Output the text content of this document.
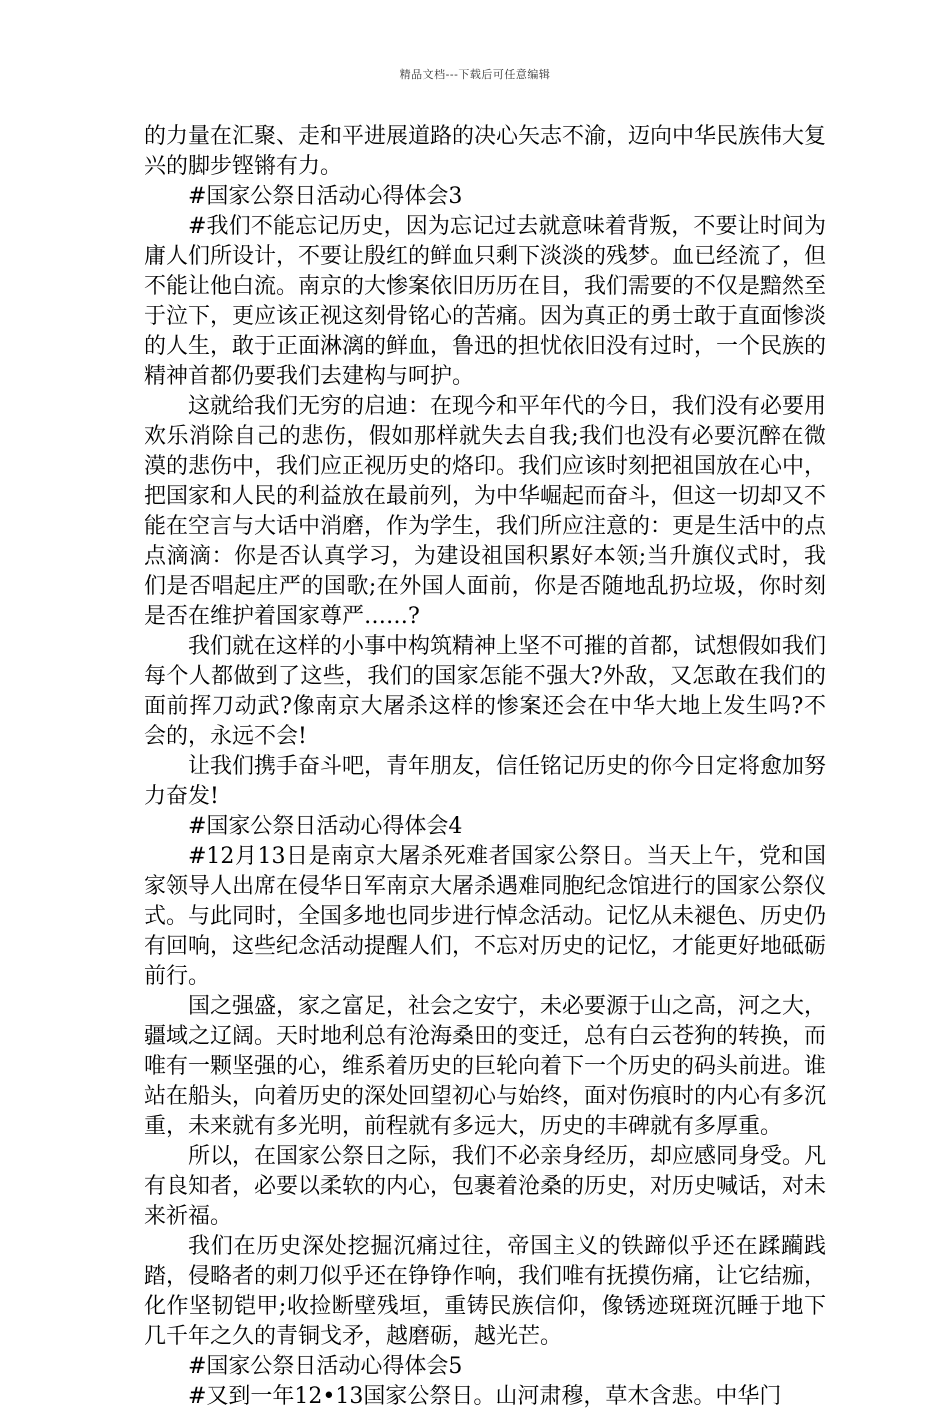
精品文档---下载后可任意编辑

的力量在汇聚、走和平进展道路的决心矢志不渝，迈向中华民族伟大复兴的脚步铿锵有力。

#国家公祭日活动心得体会3

#我们不能忘记历史，因为忘记过去就意味着背叛，不要让时间为庸人们所设计，不要让殷红的鲜血只剩下淡淡的残梦。血已经流了，但不能让他白流。南京的大惨案依旧历历在目，我们需要的不仅是黯然至于泣下，更应该正视这刻骨铭心的苦痛。因为真正的勇士敢于直面惨淡的人生，敢于正面淋漓的鲜血，鲁迅的担忧依旧没有过时，一个民族的精神首都仍要我们去建构与呵护。

这就给我们无穷的启迪：在现今和平年代的今日，我们没有必要用欢乐消除自己的悲伤，假如那样就失去自我;我们也没有必要沉醉在微漠的悲伤中，我们应正视历史的烙印。我们应该时刻把祖国放在心中，把国家和人民的利益放在最前列，为中华崛起而奋斗，但这一切却又不能在空言与大话中消磨，作为学生，我们所应注意的：更是生活中的点点滴滴：你是否认真学习，为建设祖国积累好本领;当升旗仪式时，我们是否唱起庄严的国歌;在外国人面前，你是否随地乱扔垃圾，你时刻是否在维护着国家尊严……?

我们就在这样的小事中构筑精神上坚不可摧的首都，试想假如我们每个人都做到了这些，我们的国家怎能不强大?外敌，又怎敢在我们的面前挥刀动武?像南京大屠杀这样的惨案还会在中华大地上发生吗?不会的，永远不会!

让我们携手奋斗吧，青年朋友，信任铭记历史的你今日定将愈加努力奋发!

#国家公祭日活动心得体会4

#12月13日是南京大屠杀死难者国家公祭日。当天上午，党和国家领导人出席在侵华日军南京大屠杀遇难同胞纪念馆进行的国家公祭仪式。与此同时，全国多地也同步进行悼念活动。记忆从未褪色、历史仍有回响，这些纪念活动提醒人们，不忘对历史的记忆，才能更好地砥砺前行。

国之强盛，家之富足，社会之安宁，未必要源于山之高，河之大，疆域之辽阔。天时地利总有沧海桑田的变迁，总有白云苍狗的转换，而唯有一颗坚强的心，维系着历史的巨轮向着下一个历史的码头前进。谁站在船头，向着历史的深处回望初心与始终，面对伤痕时的内心有多沉重，未来就有多光明，前程就有多远大，历史的丰碑就有多厚重。

所以，在国家公祭日之际，我们不必亲身经历，却应感同身受。凡有良知者，必要以柔软的内心，包裹着沧桑的历史，对历史喊话，对未来祈福。

我们在历史深处挖掘沉痛过往，帝国主义的铁蹄似乎还在蹂躏践踏，侵略者的刺刀似乎还在铮铮作响，我们唯有抚摸伤痛，让它结痂，化作坚韧铠甲;收捡断壁残垣，重铸民族信仰，像锈迹斑斑沉睡于地下几千年之久的青铜戈矛，越磨砺，越光芒。

#国家公祭日活动心得体会5

#又到一年12•13国家公祭日。山河肃穆，草木含悲。中华门
